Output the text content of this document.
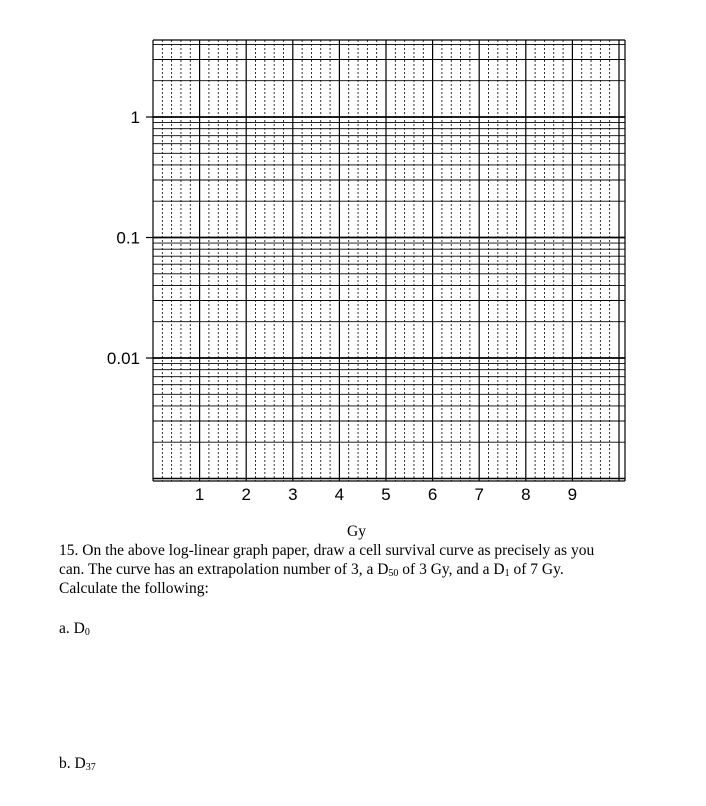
1
0.1
0.01
1 2 3 4 5 6 7 8 9
Gy
15. On the above log-linear graph paper, draw a cell survival curve as precisely as you
can. The curve has an extrapolation number of 3, a $D_{50}$ of 3 Gy, and a $D_1$ of 7 Gy.
Calculate the following:
a. $D_0$
b. $D_{37}$
